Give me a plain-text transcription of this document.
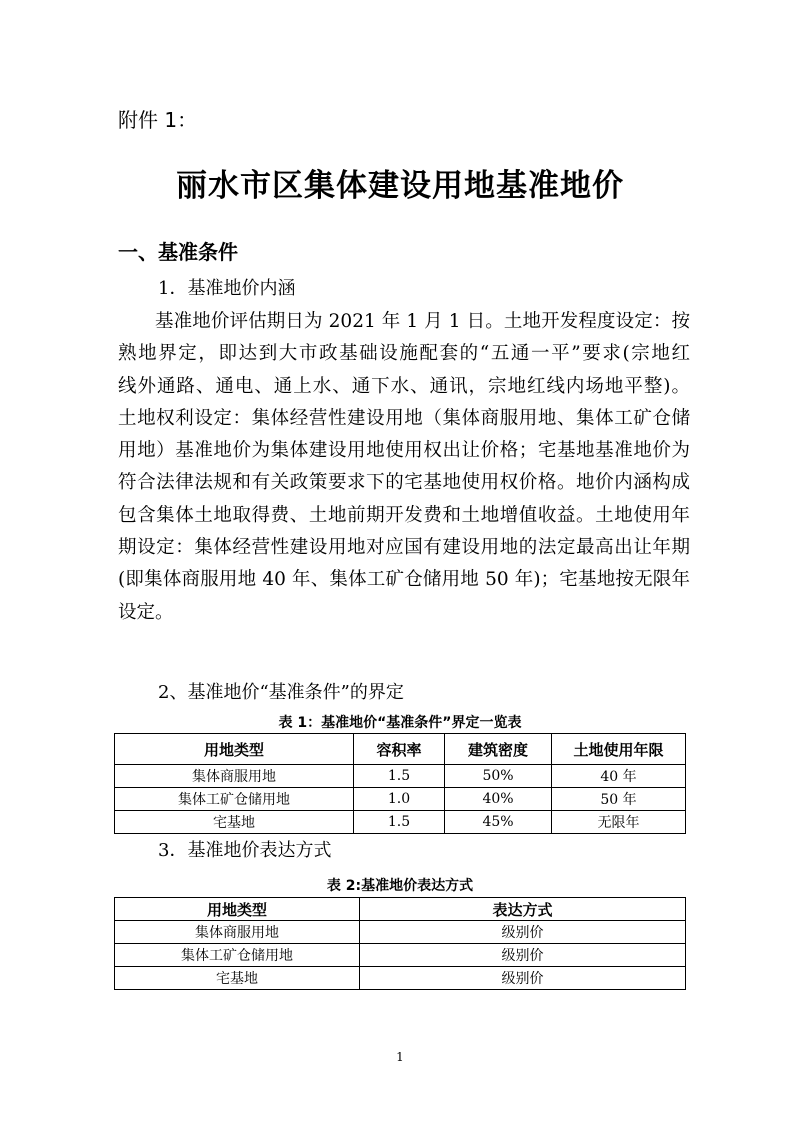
附件 1：
丽水市区集体建设用地基准地价
一、基准条件
1．基准地价内涵
基准地价评估期日为 2021 年 1 月 1 日。土地开发程度设定：按
熟地界定，即达到大市政基础设施配套的“五通一平”要求(宗地红
线外通路、通电、通上水、通下水、通讯，宗地红线内场地平整)。
土地权利设定：集体经营性建设用地（集体商服用地、集体工矿仓储
用地）基准地价为集体建设用地使用权出让价格；宅基地基准地价为
符合法律法规和有关政策要求下的宅基地使用权价格。地价内涵构成
包含集体土地取得费、土地前期开发费和土地增值收益。土地使用年
期设定：集体经营性建设用地对应国有建设用地的法定最高出让年期
(即集体商服用地 40 年、集体工矿仓储用地 50 年)；宅基地按无限年
设定。
2、基准地价“基准条件”的界定
表 1：基准地价“基准条件”界定一览表
用地类型	容积率	建筑密度	土地使用年限
集体商服用地	1.5	50%	40 年
集体工矿仓储用地	1.0	40%	50 年
宅基地	1.5	45%	无限年
3．基准地价表达方式
表 2:基准地价表达方式
用地类型	表达方式
集体商服用地	级别价
集体工矿仓储用地	级别价
宅基地	级别价
1
